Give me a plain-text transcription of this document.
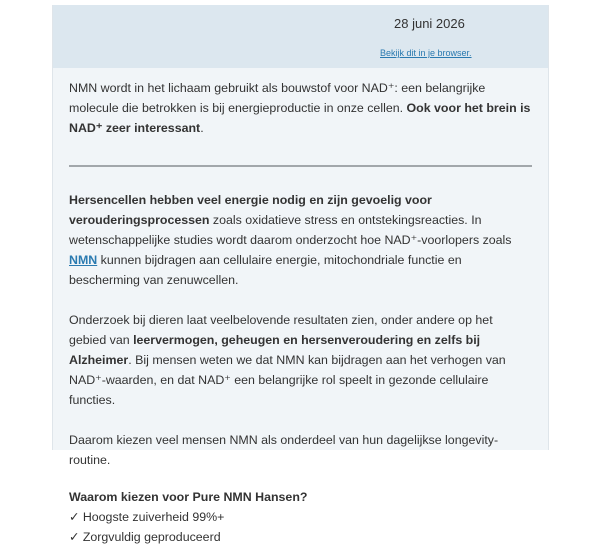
28 juni 2026
Bekijk dit in je browser.

NMN wordt in het lichaam gebruikt als bouwstof voor NAD⁺: een belangrijke molecule die betrokken is bij energieproductie in onze cellen. Ook voor het brein is NAD⁺ zeer interessant.

Hersencellen hebben veel energie nodig en zijn gevoelig voor verouderingsprocessen zoals oxidatieve stress en ontstekingsreacties. In wetenschappelijke studies wordt daarom onderzocht hoe NAD⁺-voorlopers zoals NMN kunnen bijdragen aan cellulaire energie, mitochondriale functie en bescherming van zenuwcellen.

Onderzoek bij dieren laat veelbelovende resultaten zien, onder andere op het gebied van leervermogen, geheugen en hersenveroudering en zelfs bij Alzheimer. Bij mensen weten we dat NMN kan bijdragen aan het verhogen van NAD⁺-waarden, en dat NAD⁺ een belangrijke rol speelt in gezonde cellulaire functies.

Daarom kiezen veel mensen NMN als onderdeel van hun dagelijkse longevity-routine.

Waarom kiezen voor Pure NMN Hansen?

✓ Hoogste zuiverheid 99%+
✓ Zorgvuldig geproduceerd
